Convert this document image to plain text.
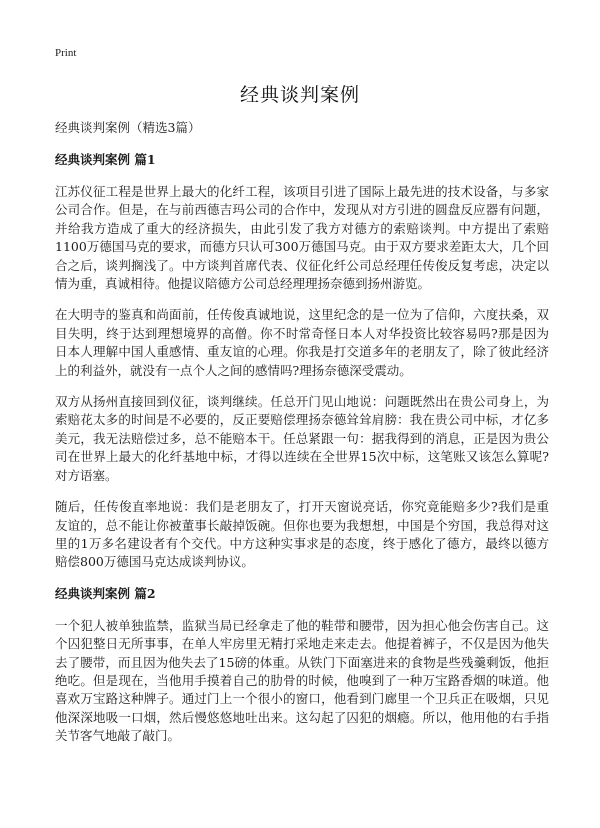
Print
经典谈判案例

经典谈判案例（精选3篇）

经典谈判案例 篇1

江苏仪征工程是世界上最大的化纤工程，该项目引进了国际上最先进的技术设备，与多家公司合作。但是，在与前西德吉玛公司的合作中，发现从对方引进的圆盘反应器有问题，并给我方造成了重大的经济损失，由此引发了我方对德方的索赔谈判。中方提出了索赔1100万德国马克的要求，而德方只认可300万德国马克。由于双方要求差距太大，几个回合之后，谈判搁浅了。中方谈判首席代表、仪征化纤公司总经理任传俊反复考虑，决定以情为重，真诚相待。他提议陪德方公司总经理理扬奈德到扬州游览。

在大明寺的鉴真和尚面前，任传俊真诚地说，这里纪念的是一位为了信仰，六度扶桑，双目失明，终于达到理想境界的高僧。你不时常奇怪日本人对华投资比较容易吗?那是因为日本人理解中国人重感情、重友谊的心理。你我是打交道多年的老朋友了，除了彼此经济上的利益外，就没有一点个人之间的感情吗?理扬奈德深受震动。

双方从扬州直接回到仪征，谈判继续。任总开门见山地说：问题既然出在贵公司身上，为索赔花太多的时间是不必要的，反正要赔偿理扬奈德耸耸肩膀：我在贵公司中标，才亿多美元，我无法赔偿过多，总不能赔本干。任总紧跟一句：据我得到的消息，正是因为贵公司在世界上最大的化纤基地中标，才得以连续在全世界15次中标，这笔账又该怎么算呢?对方语塞。

随后，任传俊直率地说：我们是老朋友了，打开天窗说亮话，你究竟能赔多少?我们是重友谊的，总不能让你被董事长敲掉饭碗。但你也要为我想想，中国是个穷国，我总得对这里的1万多名建设者有个交代。中方这种实事求是的态度，终于感化了德方，最终以德方赔偿800万德国马克达成谈判协议。

经典谈判案例 篇2

一个犯人被单独监禁，监狱当局已经拿走了他的鞋带和腰带，因为担心他会伤害自己。这个囚犯整日无所事事，在单人牢房里无精打采地走来走去。他提着裤子，不仅是因为他失去了腰带，而且因为他失去了15磅的体重。从铁门下面塞进来的食物是些残羹剩饭，他拒绝吃。但是现在，当他用手摸着自己的肋骨的时候，他嗅到了一种万宝路香烟的味道。他喜欢万宝路这种牌子。通过门上一个很小的窗口，他看到门廊里一个卫兵正在吸烟，只见他深深地吸一口烟，然后慢悠悠地吐出来。这勾起了囚犯的烟瘾。所以，他用他的右手指关节客气地敲了敲门。
